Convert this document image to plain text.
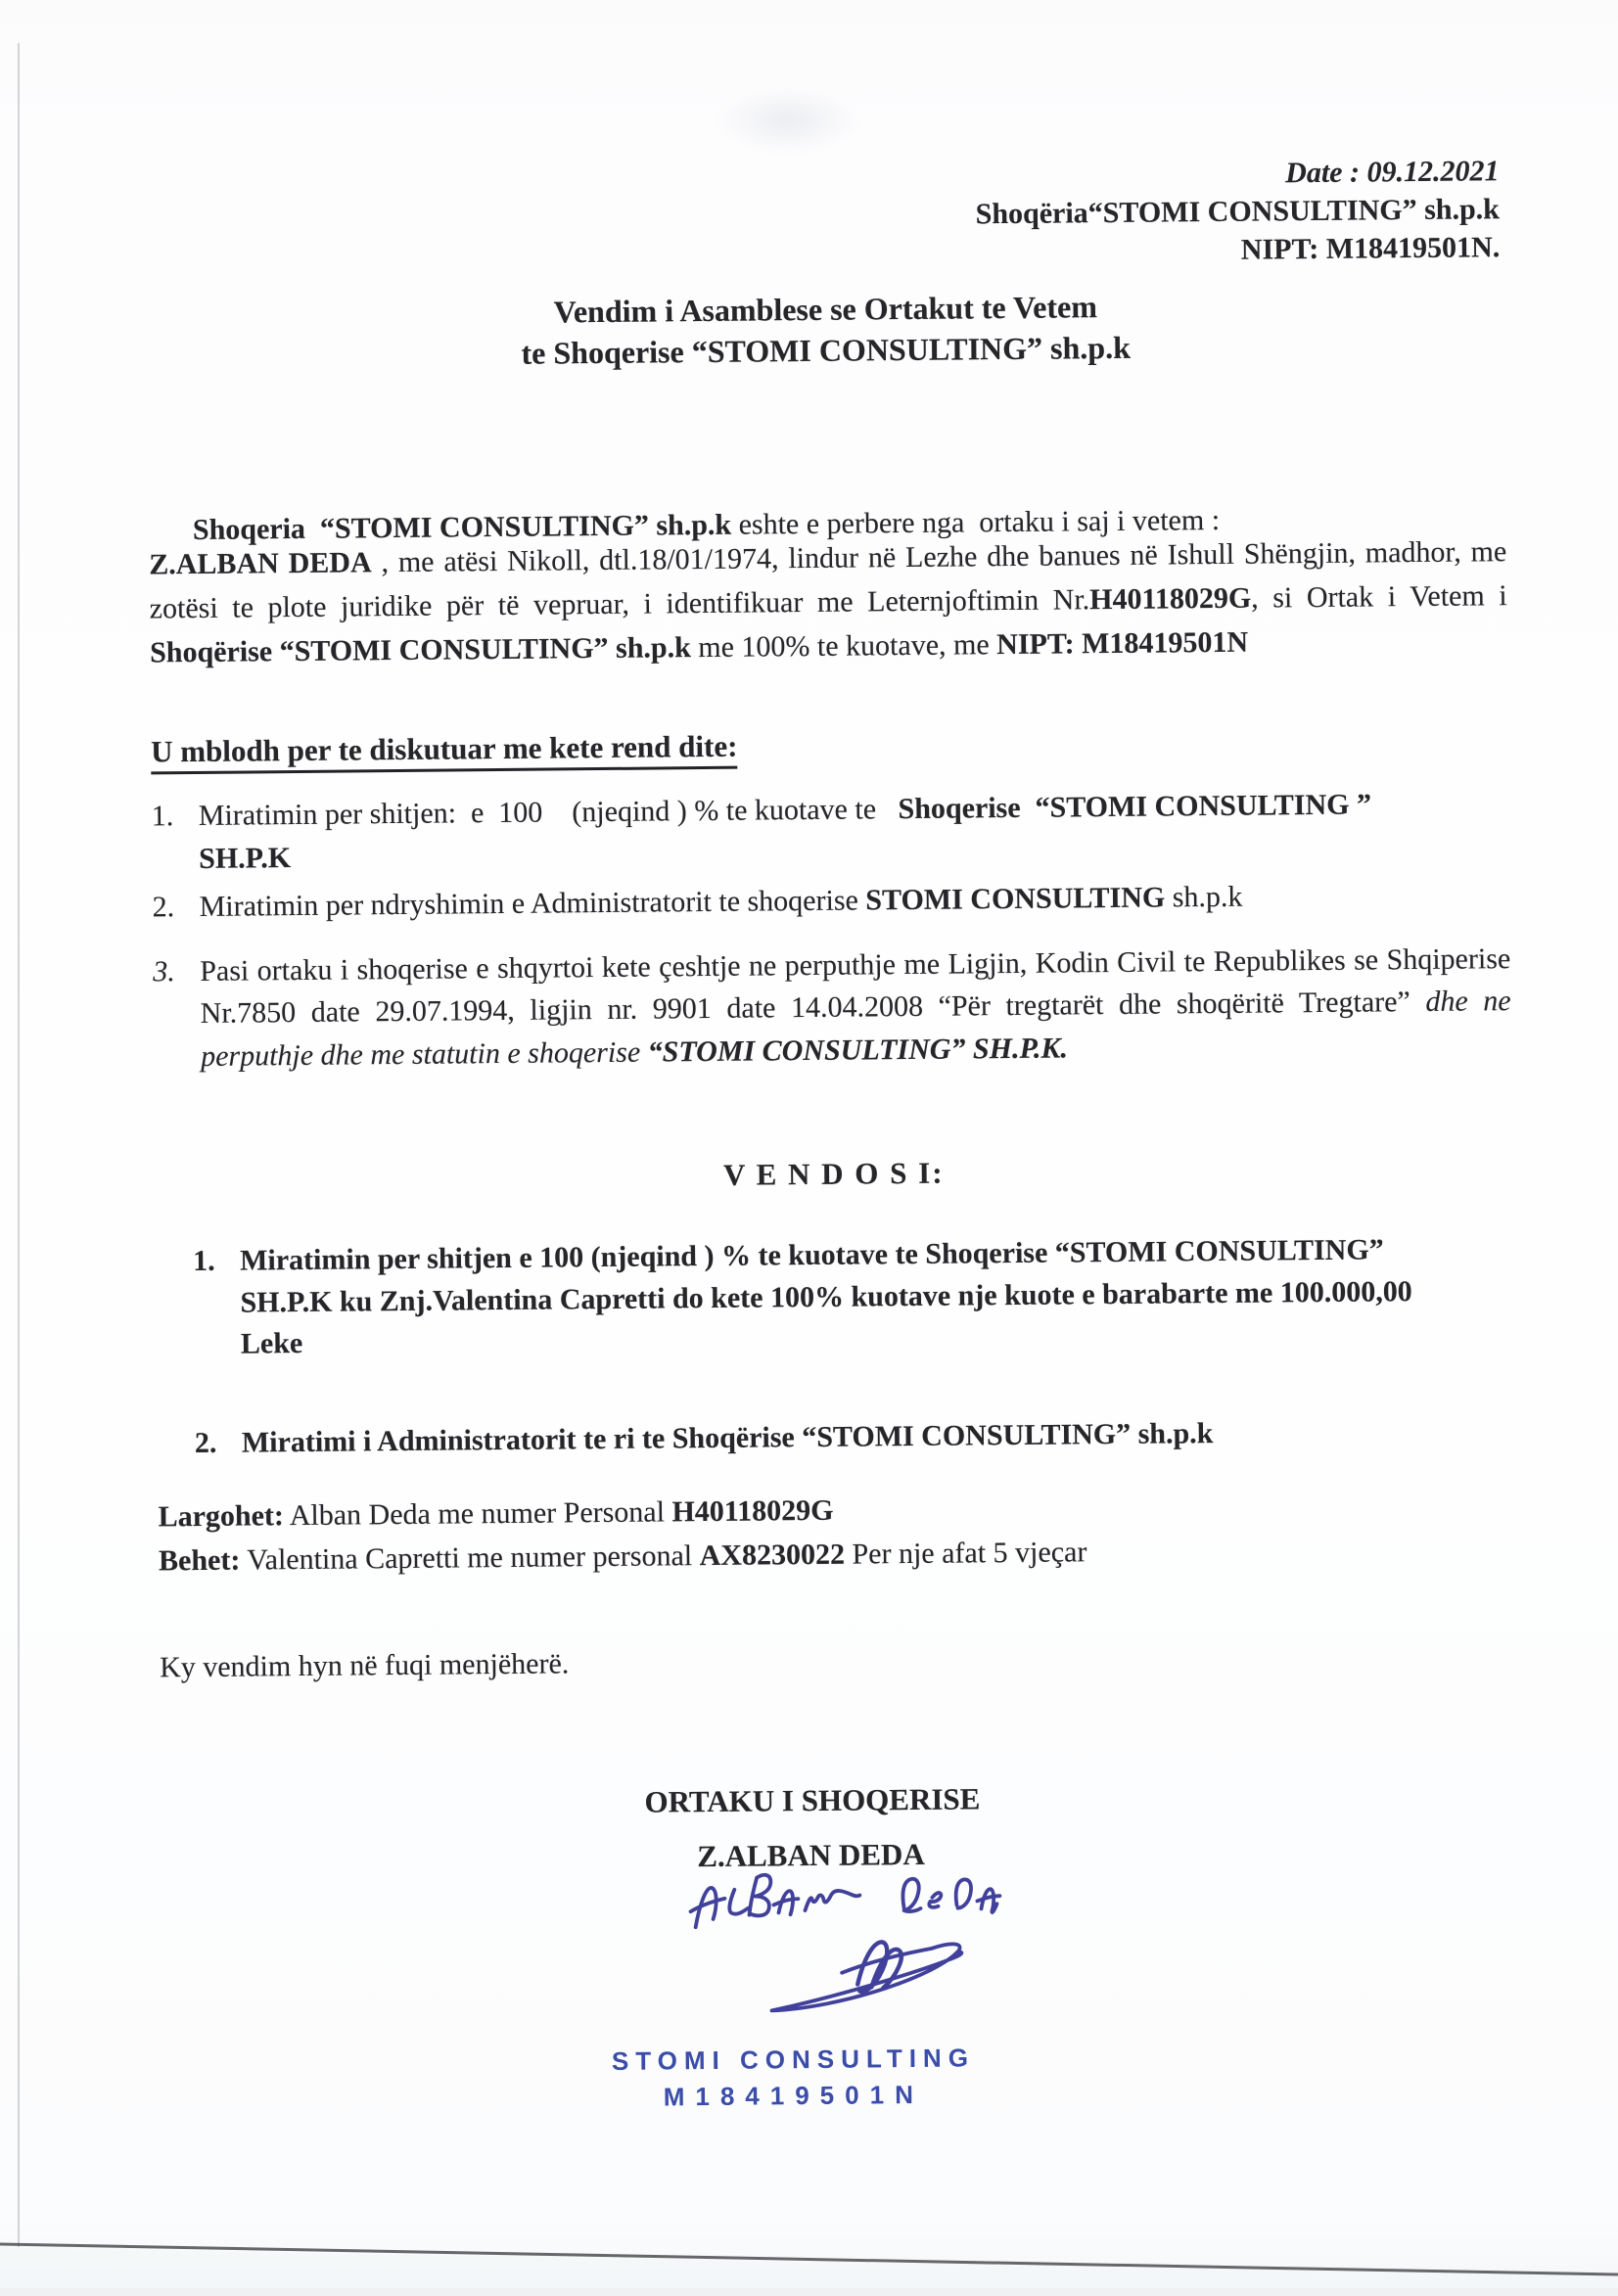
Date : 09.12.2021
Shoqëria“STOMI CONSULTING” sh.p.k
NIPT: M18419501N.
Vendim i Asamblese se Ortakut te Vetem
te Shoqerise “STOMI CONSULTING” sh.p.k

Shoqeria  “STOMI CONSULTING” sh.p.k eshte e perbere nga  ortaku i saj i vetem :

Z.ALBAN DEDA , me atësi Nikoll, dtl.18/01/1974, lindur në Lezhe dhe banues në Ishull Shëngjin, madhor, me zotësi te plote juridike për të vepruar, i identifikuar me Leternjoftimin Nr.H40118029G, si Ortak i Vetem i Shoqërise “STOMI CONSULTING” sh.p.k me 100% te kuotave, me NIPT: M18419501N
U mblodh per te diskutuar me kete rend dite:
1. Miratimin per shitjen:  e  100    (njeqind ) % te kuotave te   Shoqerise  “STOMI CONSULTING ”
SH.P.K
2. Miratimin per ndryshimin e Administratorit te shoqerise STOMI CONSULTING sh.p.k
3. Pasi ortaku i shoqerise e shqyrtoi kete çeshtje ne perputhje me Ligjin, Kodin Civil te Republikes se Shqiperise Nr.7850 date 29.07.1994, ligjin nr. 9901 date 14.04.2008 “Për tregtarët dhe shoqëritë Tregtare” dhe ne perputhje dhe me statutin e shoqerise “STOMI CONSULTING” SH.P.K.
V E N D O S I:
1. Miratimin per shitjen e 100 (njeqind ) % te kuotave te Shoqerise “STOMI CONSULTING”
SH.P.K ku Znj.Valentina Capretti do kete 100% kuotave nje kuote e barabarte me 100.000,00
Leke
2. Miratimi i Administratorit te ri te Shoqërise “STOMI CONSULTING” sh.p.k
Largohet: Alban Deda me numer Personal H40118029G
Behet: Valentina Capretti me numer personal AX8230022 Per nje afat 5 vjeçar
Ky vendim hyn në fuqi menjëherë.
ORTAKU I SHOQERISE
Z.ALBAN DEDA
STOMI CONSULTING
M18419501N
